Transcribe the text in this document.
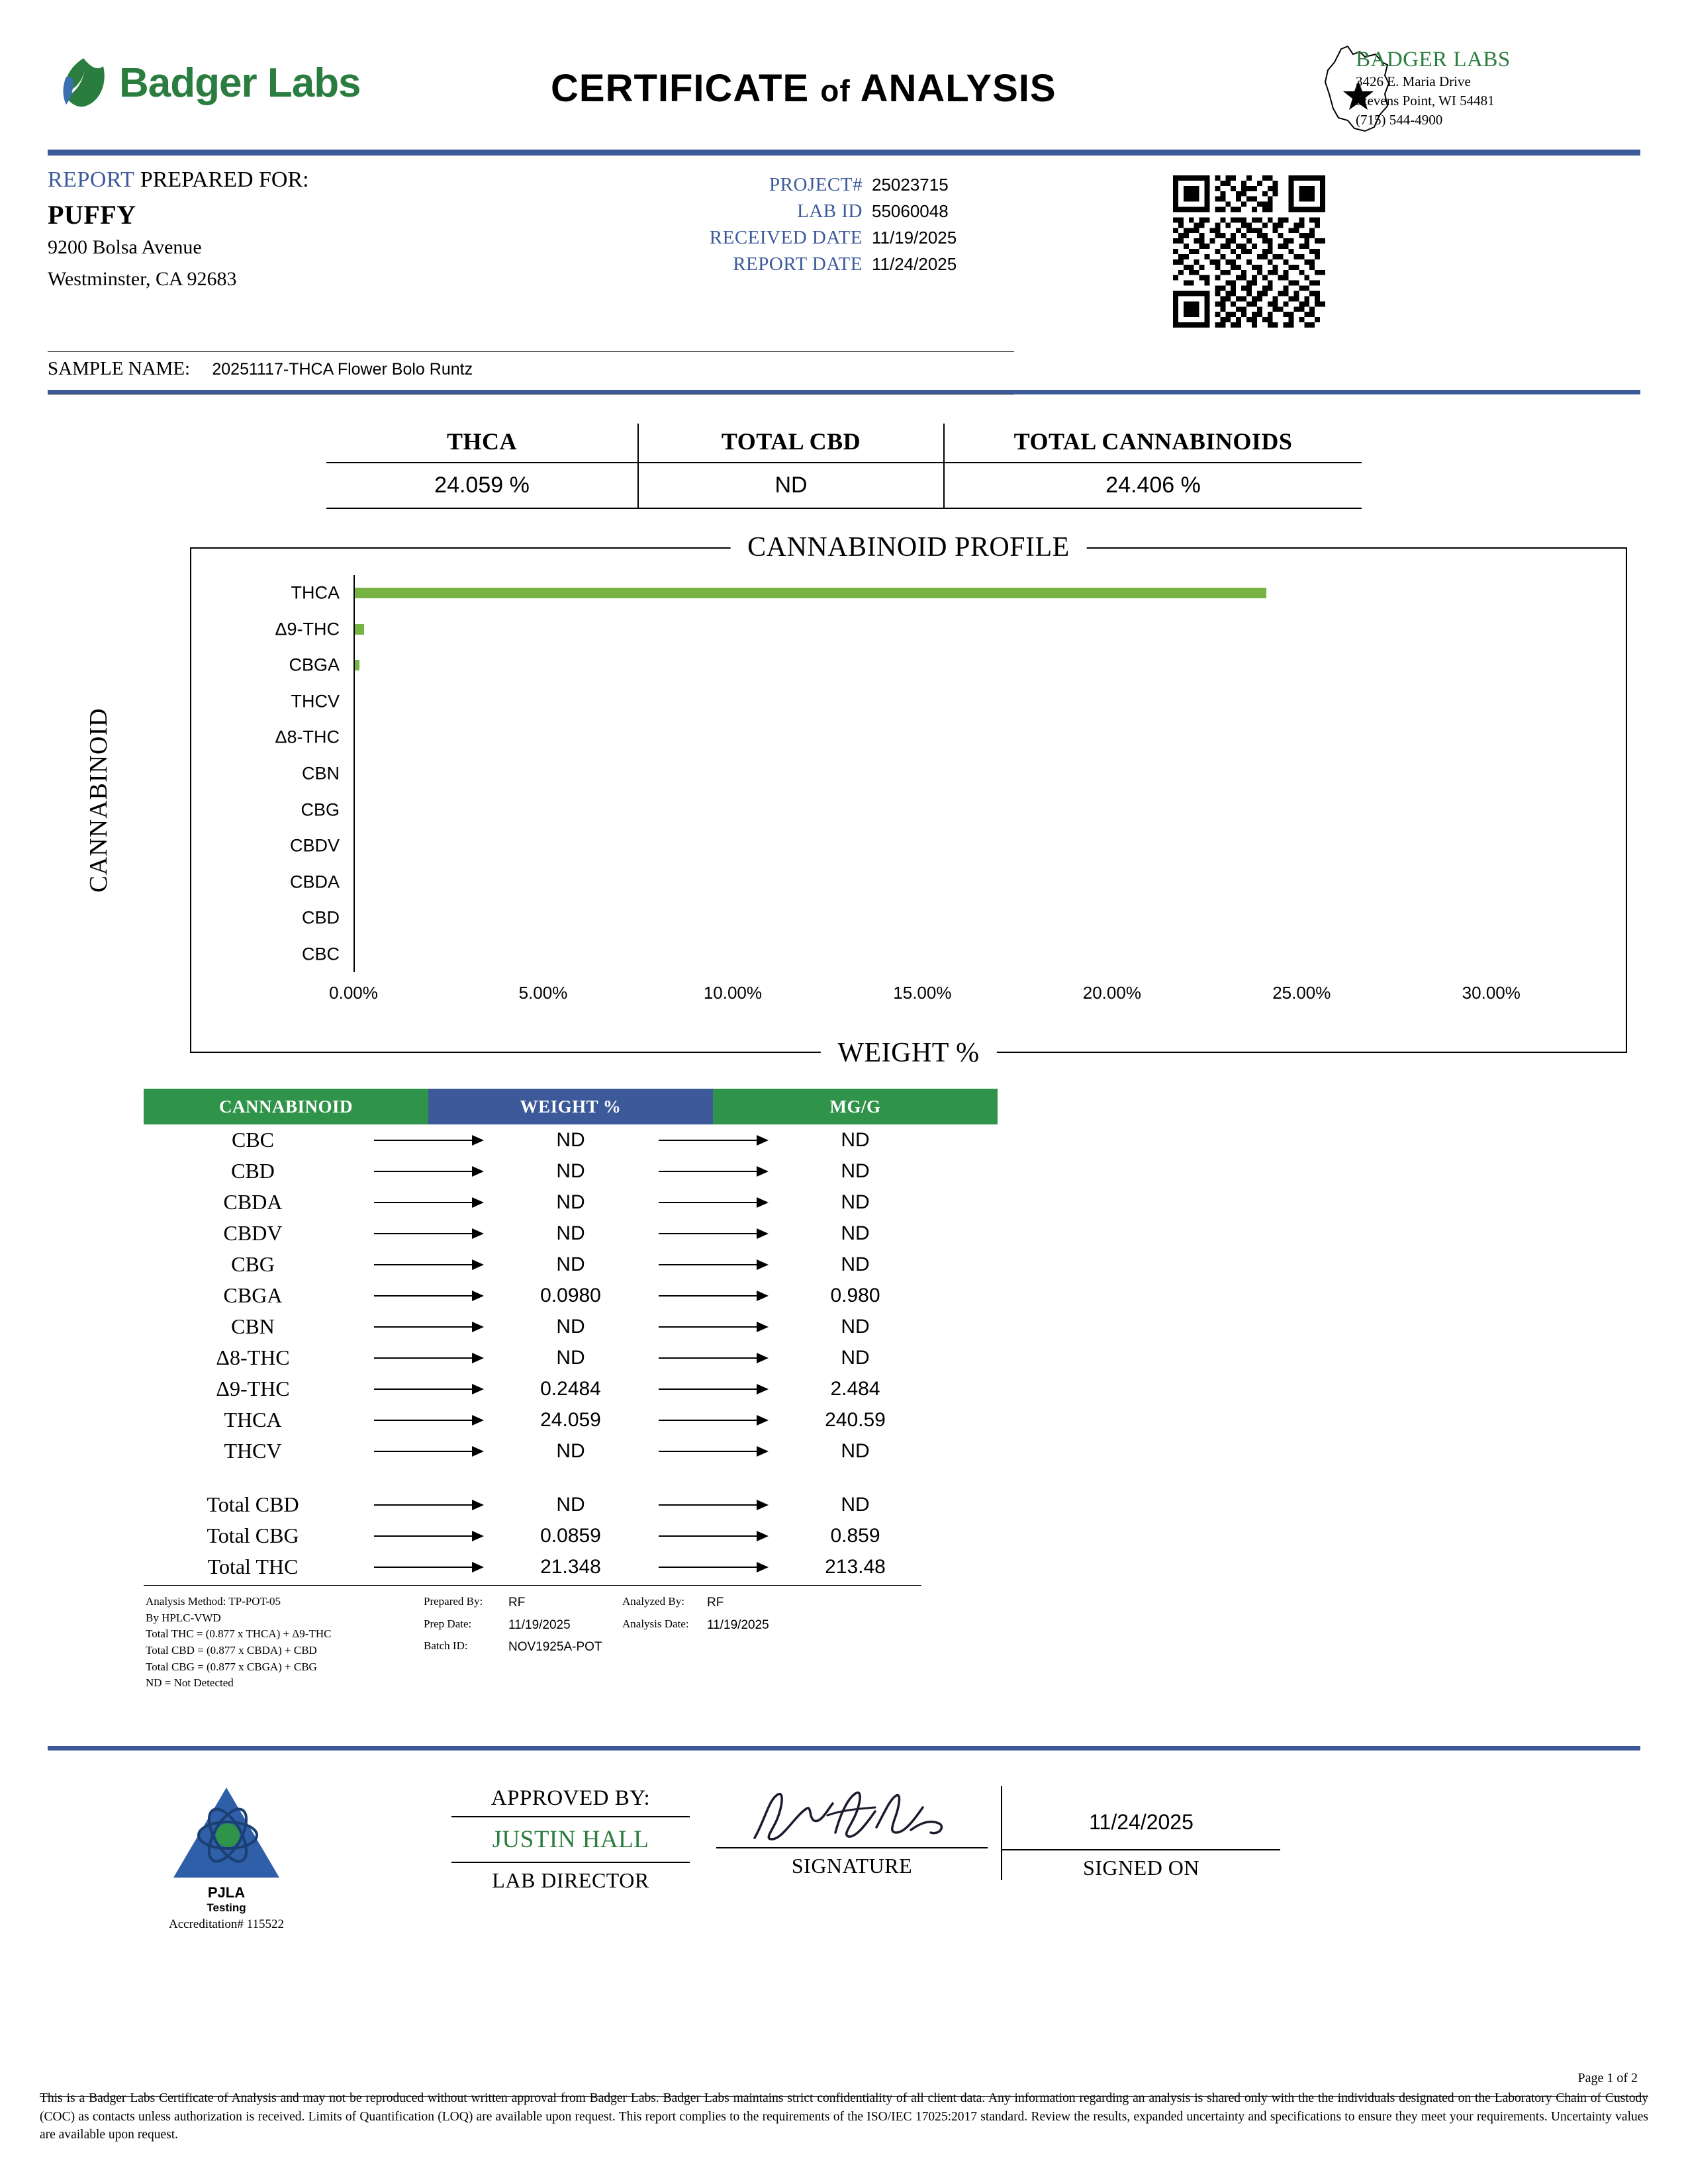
Badger Labs	CERTIFICATE of ANALYSIS
BADGER LABS
3426 E. Maria Drive
Stevens Point, WI 54481
(715) 544-4900
REPORT PREPARED FOR:
PUFFY
9200 Bolsa Avenue
Westminster, CA 92683
PROJECT# 25023715
LAB ID 55060048
RECEIVED DATE 11/19/2025
REPORT DATE 11/24/2025
SAMPLE NAME: 20251117-THCA Flower Bolo Runtz
THCA	TOTAL CBD	TOTAL CANNABINOIDS
24.059 %	ND	24.406 %
CANNABINOID PROFILE
CANNABINOID
WEIGHT %
THCA
Δ9-THC
CBGA
THCV
Δ8-THC
CBN
CBG
CBDV
CBDA
CBD
CBC
0.00%	5.00%	10.00%	15.00%	20.00%	25.00%	30.00%
CANNABINOID	WEIGHT %	MG/G
CBC	ND	ND
CBD	ND	ND
CBDA	ND	ND
CBDV	ND	ND
CBG	ND	ND
CBGA	0.0980	0.980
CBN	ND	ND
Δ8-THC	ND	ND
Δ9-THC	0.2484	2.484
THCA	24.059	240.59
THCV	ND	ND
Total CBD	ND	ND
Total CBG	0.0859	0.859
Total THC	21.348	213.48
Analysis Method: TP-POT-05
By HPLC-VWD
Total THC = (0.877 x THCA) + Δ9-THC
Total CBD = (0.877 x CBDA) + CBD
Total CBG = (0.877 x CBGA) + CBG
ND = Not Detected
Prepared By:	RF
Prep Date:	11/19/2025
Batch ID:	NOV1925A-POT
Analyzed By:	RF
Analysis Date:	11/19/2025
PJLA
Testing
Accreditation# 115522
APPROVED BY:
JUSTIN HALL
LAB DIRECTOR
SIGNATURE
11/24/2025
SIGNED ON
Page 1 of 2
This is a Badger Labs Certificate of Analysis and may not be reproduced without written approval from Badger Labs. Badger Labs maintains strict confidentiality of all client data. Any information regarding an analysis is shared only with the the individuals designated on the Laboratory Chain of Custody (COC) as contacts unless authorization is received. Limits of Quantification (LOQ) are available upon request. This report complies to the requirements of the ISO/IEC 17025:2017 standard. Review the results, expanded uncertainty and specifications to ensure they meet your requirements. Uncertainty values are available upon request.
